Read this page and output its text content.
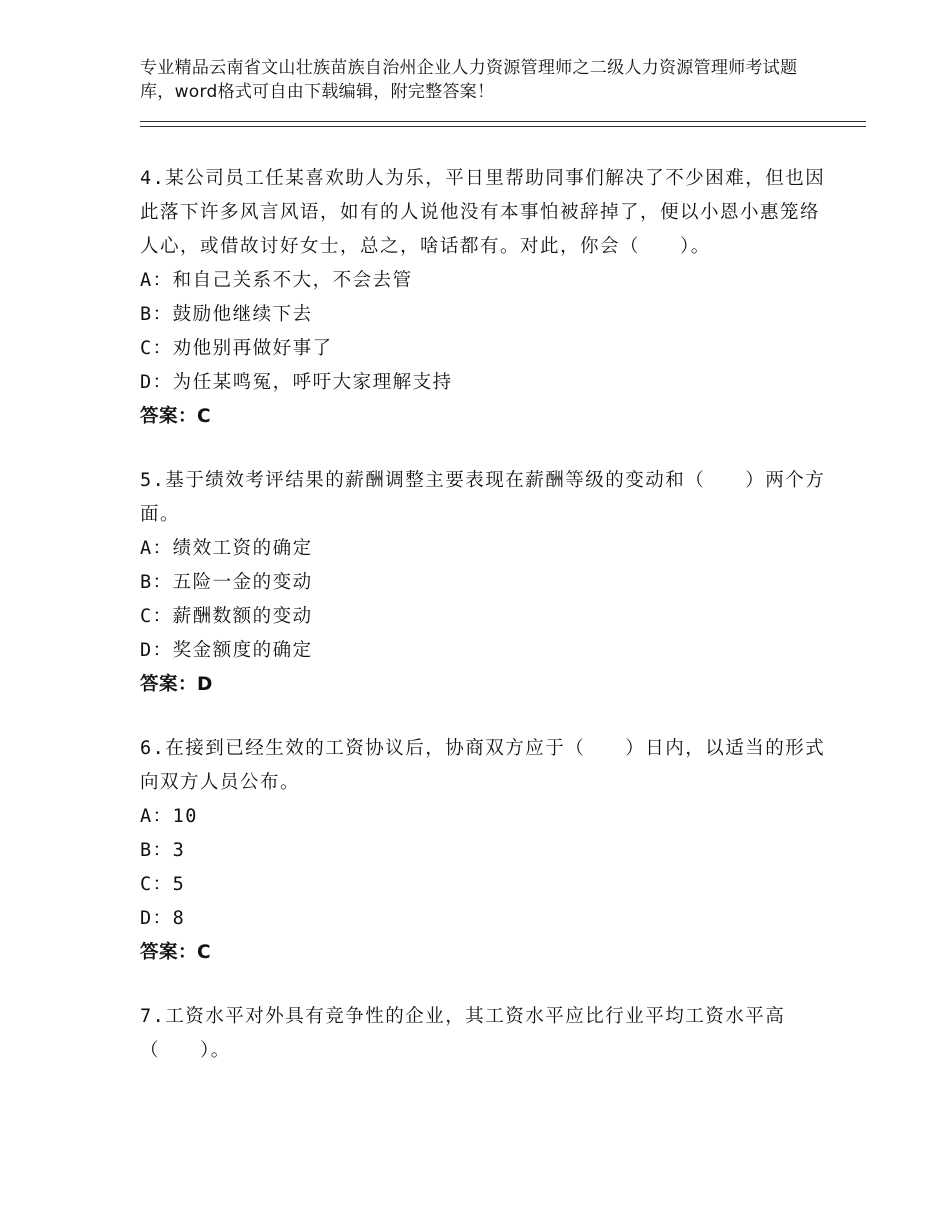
专业精品云南省文山壮族苗族自治州企业人力资源管理师之二级人力资源管理师考试题库，word格式可自由下载编辑，附完整答案！

4.某公司员工任某喜欢助人为乐，平日里帮助同事们解决了不少困难，但也因此落下许多风言风语，如有的人说他没有本事怕被辞掉了，便以小恩小惠笼络人心，或借故讨好女士，总之，啥话都有。对此，你会（　　）。

A：和自己关系不大，不会去管

B：鼓励他继续下去

C：劝他别再做好事了

D：为任某鸣冤，呼吁大家理解支持

答案：C

5.基于绩效考评结果的薪酬调整主要表现在薪酬等级的变动和（　　）两个方面。

A：绩效工资的确定

B：五险一金的变动

C：薪酬数额的变动

D：奖金额度的确定

答案：D

6.在接到已经生效的工资协议后，协商双方应于（　　）日内，以适当的形式向双方人员公布。

A：10

B：3

C：5

D：8

答案：C

7.工资水平对外具有竞争性的企业，其工资水平应比行业平均工资水平高（　　）。
